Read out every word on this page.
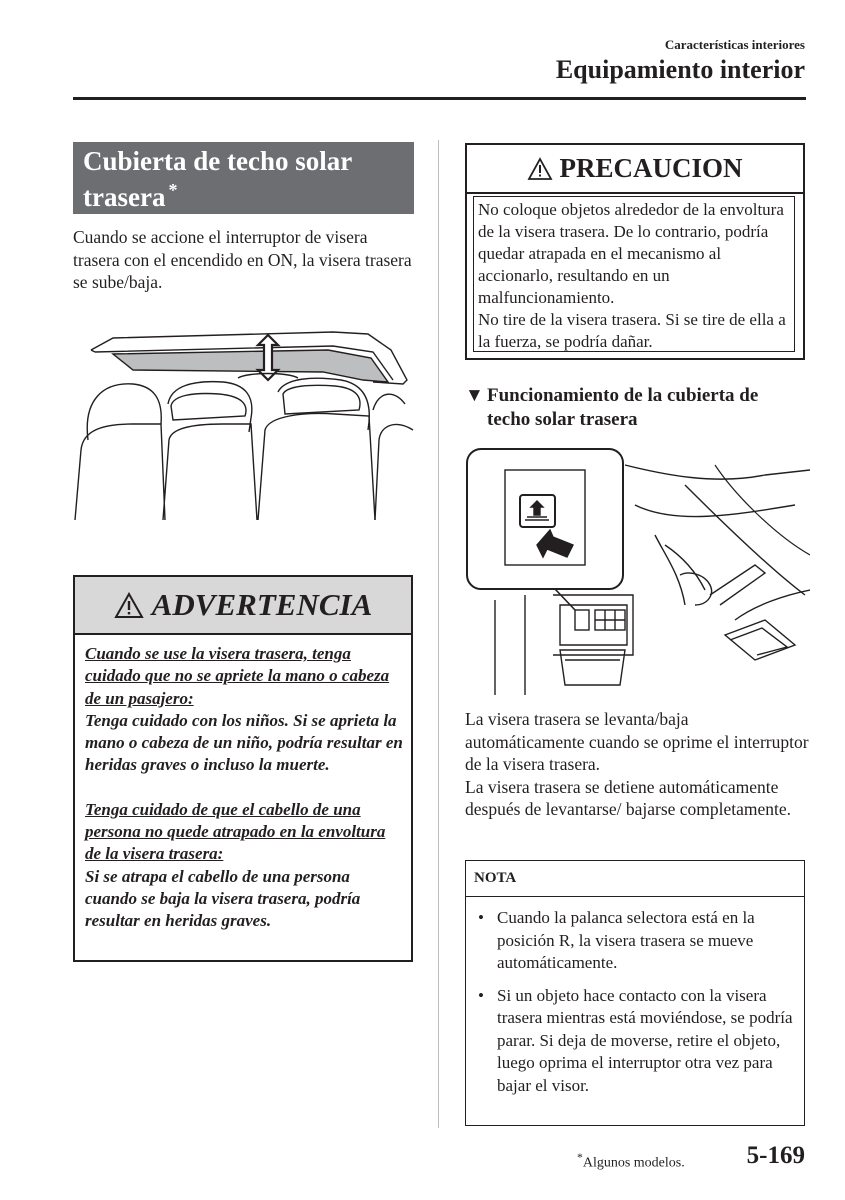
Características interiores
Equipamiento interior
Cubierta de techo solar trasera *
Cuando se accione el interruptor de visera trasera con el encendido en ON, la visera trasera se sube/baja.
ADVERTENCIA
Cuando se use la visera trasera, tenga cuidado que no se apriete la mano o cabeza de un pasajero:
Tenga cuidado con los niños. Si se aprieta la mano o cabeza de un niño, podría resultar en heridas graves o incluso la muerte.
Tenga cuidado de que el cabello de una persona no quede atrapado en la envoltura de la visera trasera:
Si se atrapa el cabello de una persona cuando se baja la visera trasera, podría resultar en heridas graves.
PRECAUCION
No coloque objetos alrededor de la envoltura de la visera trasera. De lo contrario, podría quedar atrapada en el mecanismo al accionarlo, resultando en un malfuncionamiento.
No tire de la visera trasera. Si se tire de ella a la fuerza, se podría dañar.
▼ Funcionamiento de la cubierta de
techo solar trasera
La visera trasera se levanta/baja automáticamente cuando se oprime el interruptor de la visera trasera.
La visera trasera se detiene automáticamente después de levantarse/ bajarse completamente.
NOTA
• Cuando la palanca selectora está en la posición R, la visera trasera se mueve automáticamente.
• Si un objeto hace contacto con la visera trasera mientras está moviéndose, se podría parar. Si deja de moverse, retire el objeto, luego oprima el interruptor otra vez para bajar el visor.
*Algunos modelos. 5-169
